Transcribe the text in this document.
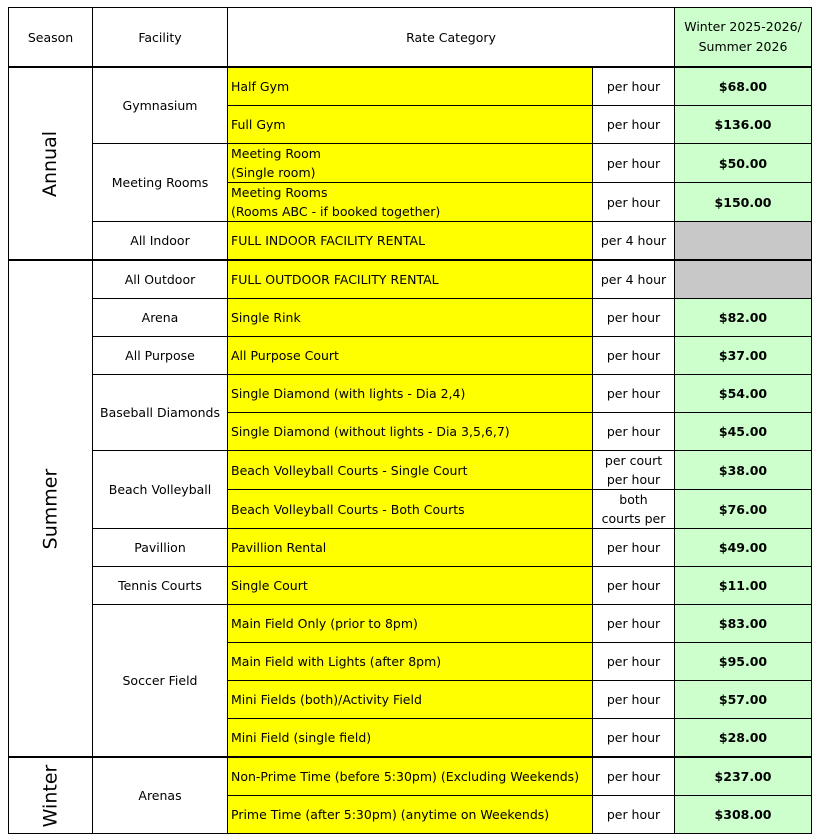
Season	Facility	Rate Category		Winter 2025-2026/
Summer 2026
Annual	Gymnasium	Half Gym	per hour	$68.00
		Full Gym	per hour	$136.00
	Meeting Rooms	Meeting Room
(Single room)	per hour	$50.00
		Meeting Rooms
(Rooms ABC - if booked together)	per hour	$150.00
	All Indoor	FULL INDOOR FACILITY RENTAL	per 4 hour	
Summer	All Outdoor	FULL OUTDOOR FACILITY RENTAL	per 4 hour	
	Arena	Single Rink	per hour	$82.00
	All Purpose	All Purpose Court	per hour	$37.00
	Baseball Diamonds	Single Diamond (with lights - Dia 2,4)	per hour	$54.00
		Single Diamond (without lights - Dia 3,5,6,7)	per hour	$45.00
	Beach Volleyball	Beach Volleyball Courts - Single Court	per court
per hour	$38.00
		Beach Volleyball Courts - Both Courts	both
courts per	$76.00
	Pavillion	Pavillion Rental	per hour	$49.00
	Tennis Courts	Single Court	per hour	$11.00
	Soccer Field	Main Field Only (prior to 8pm)	per hour	$83.00
		Main Field with Lights (after 8pm)	per hour	$95.00
		Mini Fields (both)/Activity Field	per hour	$57.00
		Mini Field (single field)	per hour	$28.00
Winter	Arenas	Non-Prime Time (before 5:30pm) (Excluding Weekends)	per hour	$237.00
		Prime Time (after 5:30pm) (anytime on Weekends)	per hour	$308.00
